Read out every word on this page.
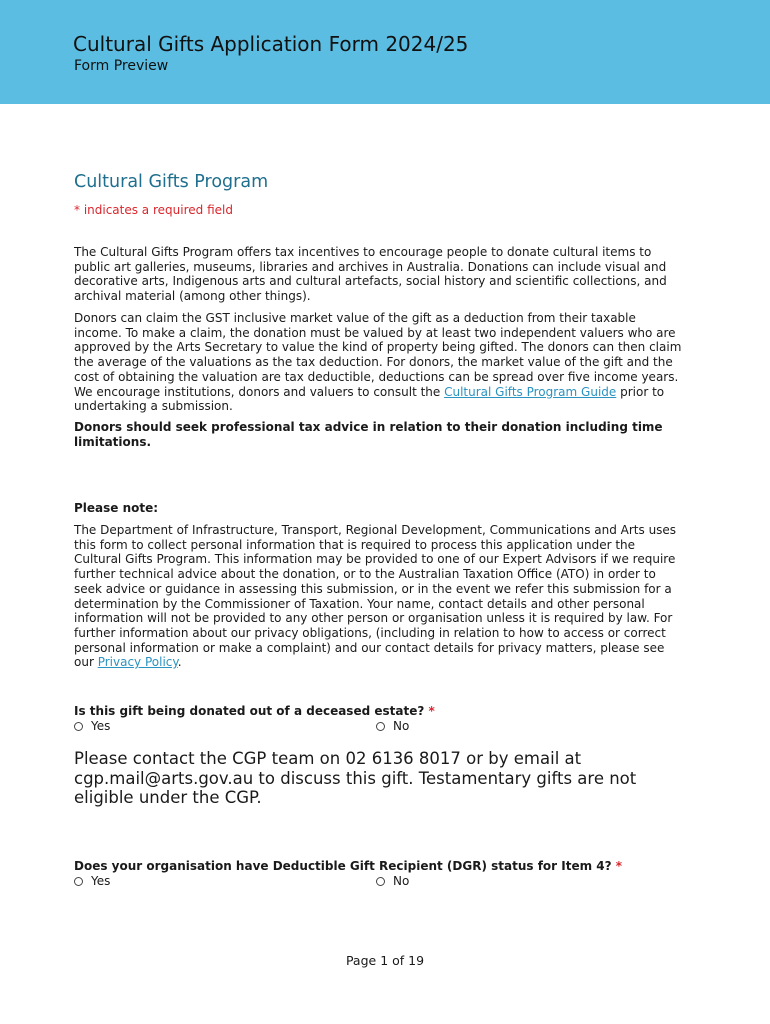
Cultural Gifts Application Form 2024/25
Form Preview
Cultural Gifts Program
* indicates a required field

The Cultural Gifts Program offers tax incentives to encourage people to donate cultural items to public art galleries, museums, libraries and archives in Australia. Donations can include visual and decorative arts, Indigenous arts and cultural artefacts, social history and scientific collections, and archival material (among other things).

Donors can claim the GST inclusive market value of the gift as a deduction from their taxable income. To make a claim, the donation must be valued by at least two independent valuers who are approved by the Arts Secretary to value the kind of property being gifted. The donors can then claim the average of the valuations as the tax deduction. For donors, the market value of the gift and the cost of obtaining the valuation are tax deductible, deductions can be spread over five income years. We encourage institutions, donors and valuers to consult the Cultural Gifts Program Guide prior to undertaking a submission.

Donors should seek professional tax advice in relation to their donation including time limitations.

Please note:

The Department of Infrastructure, Transport, Regional Development, Communications and Arts uses this form to collect personal information that is required to process this application under the Cultural Gifts Program. This information may be provided to one of our Expert Advisors if we require further technical advice about the donation, or to the Australian Taxation Office (ATO) in order to seek advice or guidance in assessing this submission, or in the event we refer this submission for a determination by the Commissioner of Taxation. Your name, contact details and other personal information will not be provided to any other person or organisation unless it is required by law. For further information about our privacy obligations, (including in relation to how to access or correct personal information or make a complaint) and our contact details for privacy matters, please see our Privacy Policy.

Is this gift being donated out of a deceased estate? *
Yes	No

Please contact the CGP team on 02 6136 8017 or by email at cgp.mail@arts.gov.au to discuss this gift. Testamentary gifts are not eligible under the CGP.

Does your organisation have Deductible Gift Recipient (DGR) status for Item 4? *
Yes	No
Page 1 of 19
